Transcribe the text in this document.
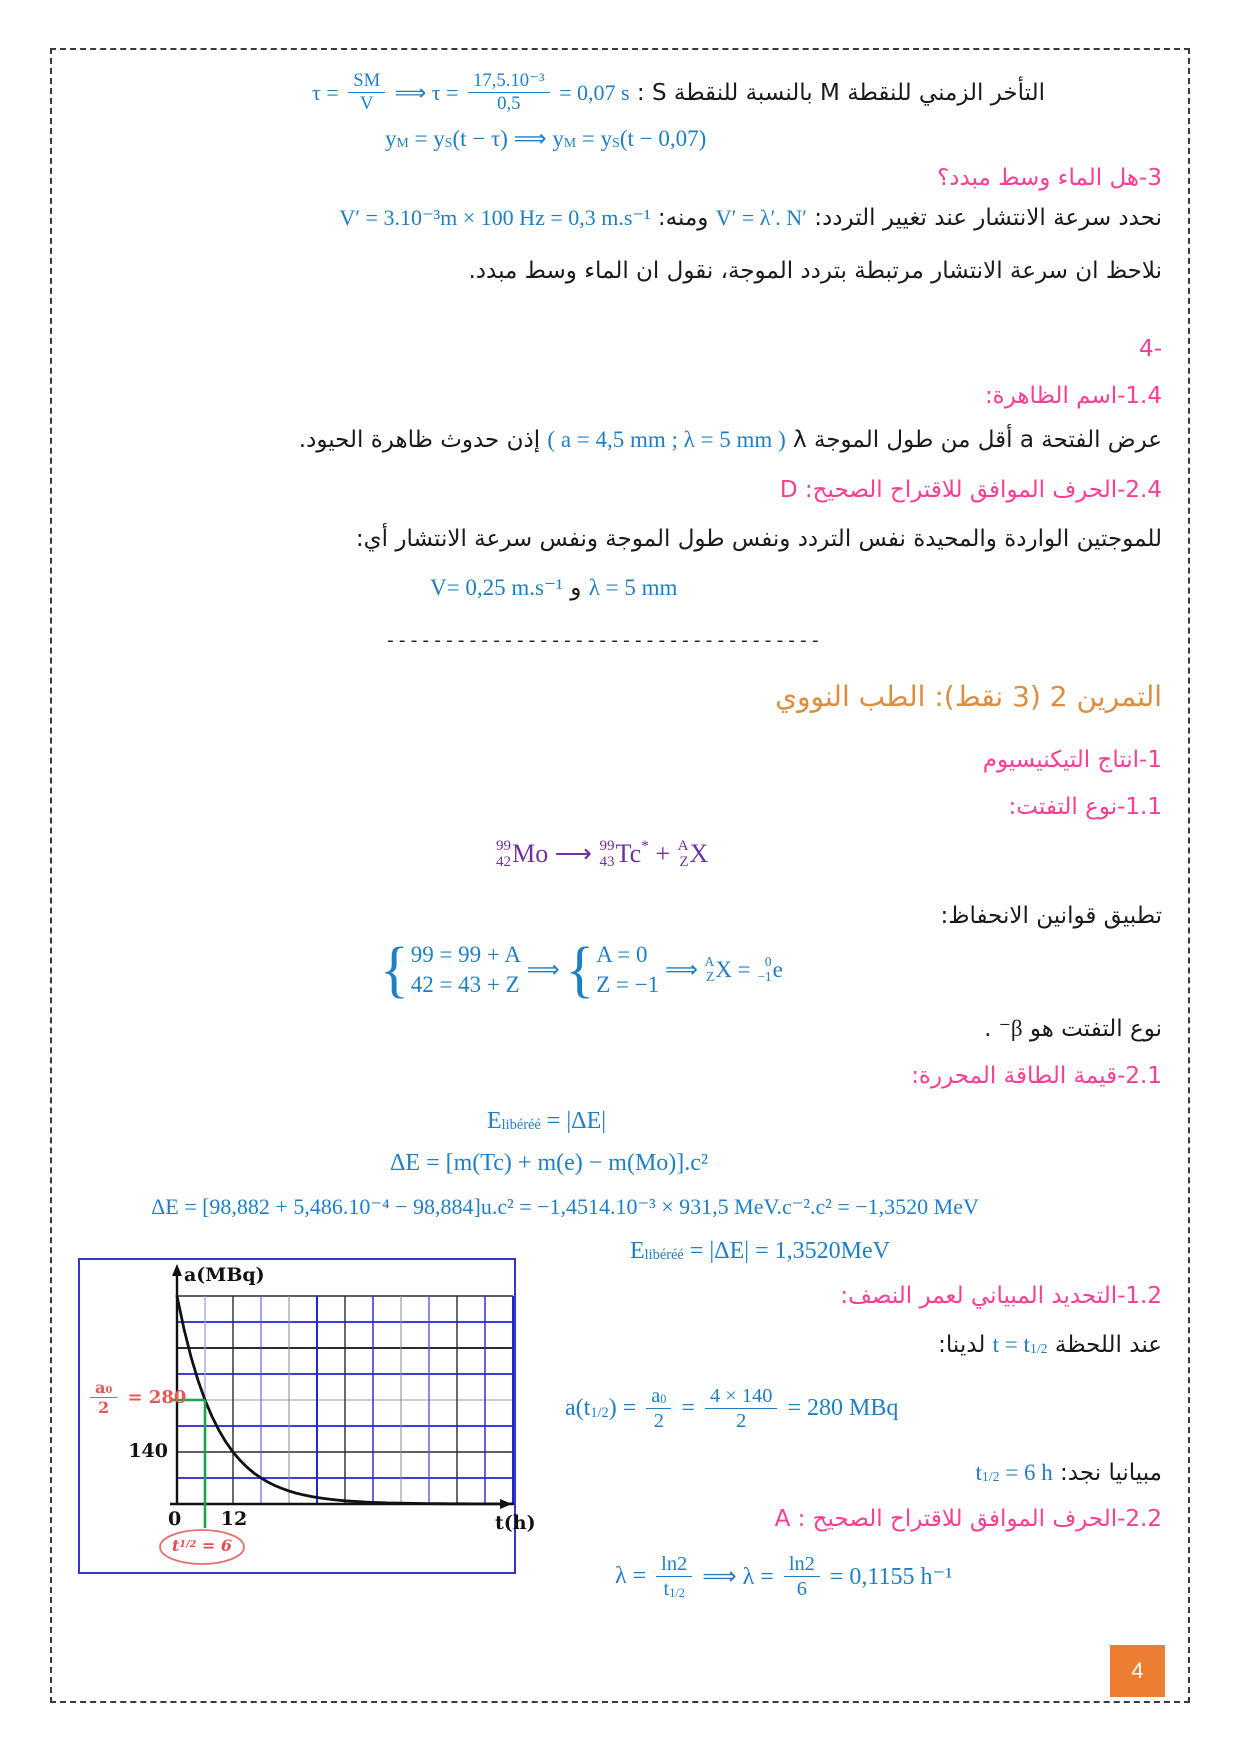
التأخر الزمني للنقطة M بالنسبة للنقطة S :
$\tau = \frac{SM}{V}$ ⟹ $\tau = \frac{\text{17,5.10⁻³}}{0,5} = 0,07$ s
y M = y S (t − τ) ⟹ y M = y S (t − 0,07)
3-هل الماء وسط مبدد؟
نحدد سرعة الانتشار عند تغيير التردد:
V′ = λ′. N′
ومنه:
V′ = 3.10⁻³m × 100 Hz = 0,3 m.s⁻¹
نلاحظ ان سرعة الانتشار مرتبطة بتردد الموجة، نقول ان الماء وسط مبدد.
-4
1.4-اسم الظاهرة:
عرض الفتحة a أقل من طول الموجة λ
( a = 4,5 mm ; λ = 5 mm )
إذن حدوث ظاهرة الحيود.
2.4-الحرف الموافق للاقتراح الصحيح: D
للموجتين الواردة والمحيدة نفس التردد ونفس طول الموجة ونفس سرعة الانتشار أي:
λ = 5 mm

و

V= 0,25 m.s⁻¹
-------------------------------------
التمرين 2 (3 نقط): الطب النووي
1-انتاج التيكنيسيوم
1.1-نوع التفتت:
99
42 Mo ⟶ 99
43 Tc * + A
Z X
تطبيق قوانين الانحفاظ:
{ 99 = 99 + A
42 = 43 + Z
⟹ { A = 0
Z = −1
⟹ A
Z X = 0
−1 e
نوع التفتت هو
⁻β
.
2.1-قيمة الطاقة المحررة:
E libéréé = |ΔE|
ΔE = [m(Tc) + m(e) − m(Mo)].c²
ΔE = [98,882 + 5,486.10⁻⁴ − 98,884]u.c² = −1,4514.10⁻³ × 931,5 MeV.c⁻².c² = −1,3520 MeV
E libéréé = |ΔE| = 1,3520MeV
a(MBq)
$\frac{a 0}{2} = 280$
140
0 12	t(h)
t 1/2 = 6
1.2-التحديد المبياني لعمر النصف:
عند اللحظة
t = t 1/2
لدينا:
a(t 1/2 ) = $\frac{a 0}{2} = \frac{4 \times 140}{2} = 280$ MBq
مبيانيا نجد:
t 1/2 = 6 h
2.2-الحرف الموافق للاقتراح الصحيح : A
$\lambda = \frac{\ln 2}{t 1/2}$ ⟹ $\lambda = \frac{\ln 2}{6} = 0,1155$ h⁻¹
4
